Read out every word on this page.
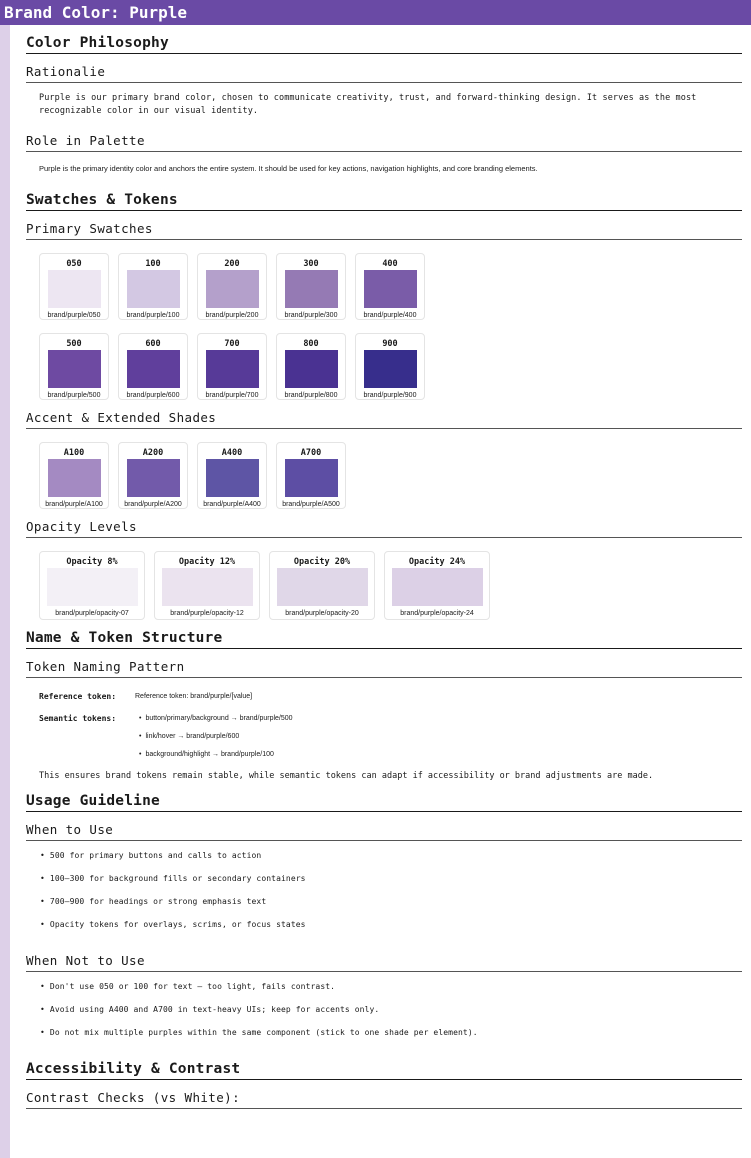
Brand Color: Purple
Color Philosophy
Rationalie

Purple is our primary brand color, chosen to communicate creativity, trust, and forward-thinking design. It serves as the most recognizable color in our visual identity.

Role in Palette

Purple is the primary identity color and anchors the entire system. It should be used for key actions, navigation highlights, and core branding elements.

Swatches & Tokens
Primary Swatches
050
brand/purple/050
100
brand/purple/100
200
brand/purple/200
300
brand/purple/300
400
brand/purple/400
500
brand/purple/500
600
brand/purple/600
700
brand/purple/700
800
brand/purple/800
900
brand/purple/900
Accent & Extended Shades
A100
brand/purple/A100
A200
brand/purple/A200
A400
brand/purple/A400
A700
brand/purple/A500
Opacity Levels
Opacity 8%
brand/purple/opacity-07
Opacity 12%
brand/purple/opacity-12
Opacity 20%
brand/purple/opacity-20
Opacity 24%
brand/purple/opacity-24
Name & Token Structure
Token Naming Pattern
Reference token:	Reference token: brand/purple/[value]
Semantic tokens:
•	button/primary/background → brand/purple/500
• link/hover → brand/purple/600
• background/highlight → brand/purple/100

This ensures brand tokens remain stable, while semantic tokens can adapt if accessibility or brand adjustments are made.

Usage Guideline
When to Use
• 500 for primary buttons and calls to action
• 100–300 for background fills or secondary containers
• 700–900 for headings or strong emphasis text
• Opacity tokens for overlays, scrims, or focus states
When Not to Use
• Don't use 050 or 100 for text – too light, fails contrast.
• Avoid using A400 and A700 in text-heavy UIs; keep for accents only.
• Do not mix multiple purples within the same component (stick to one shade per element).
Accessibility & Contrast
Contrast Checks (vs White):
